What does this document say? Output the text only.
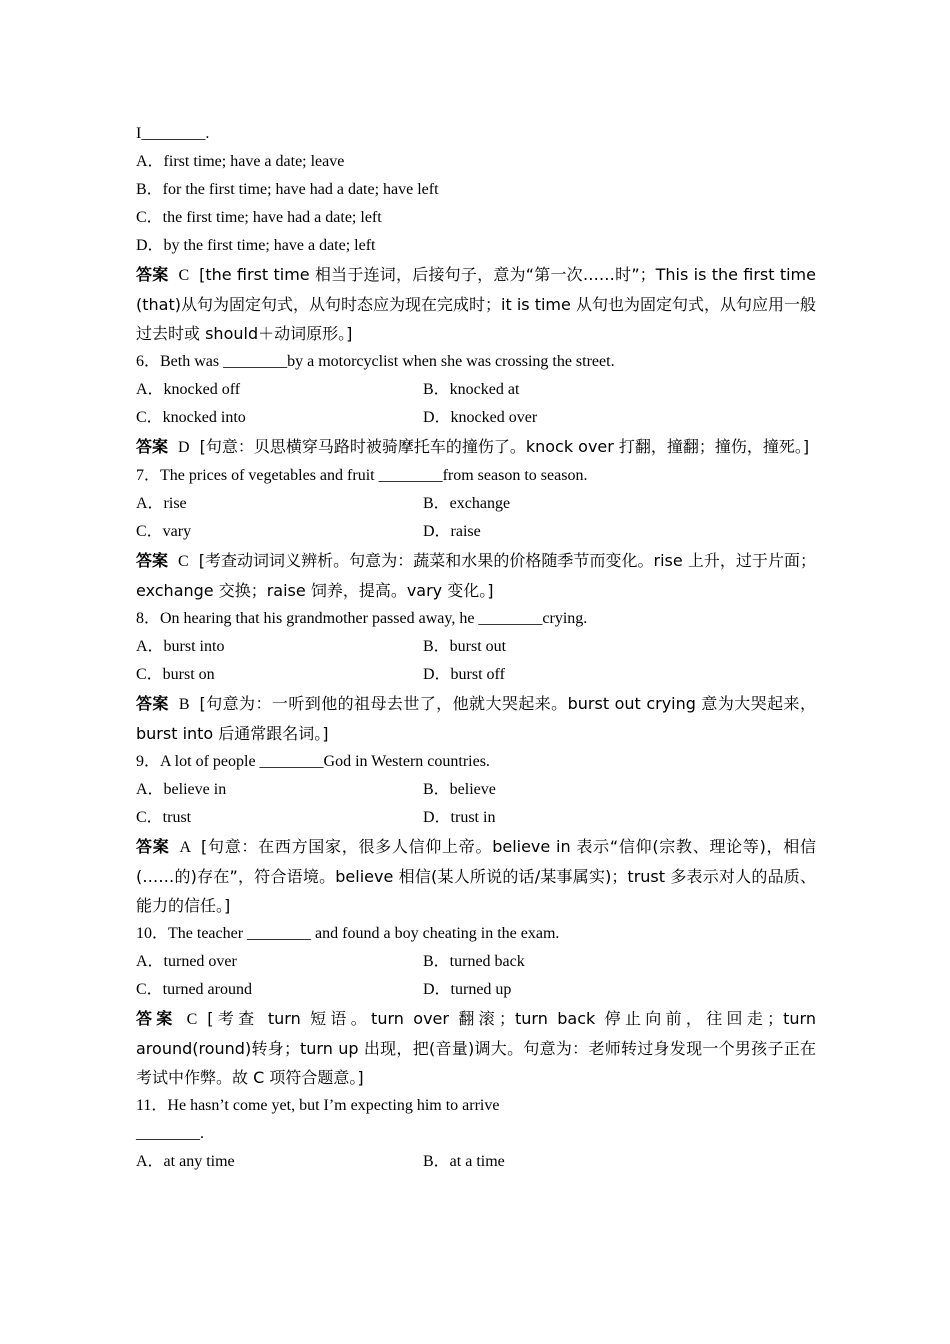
I________.
A．first time; have a date; leave
B．for the first time; have had a date; have left
C．the first time; have had a date; left
D．by the first time; have a date; left
答案 C [the first time 相当于连词，后接句子，意为“第一次……时”；This is the first time (that)从句为固定句式，从句时态应为现在完成时；it is time 从句也为固定句式，从句应用一般过去时或 should＋动词原形。]
6．Beth was ________by a motorcyclist when she was crossing the street.
A．knocked off	B．knocked at
C．knocked into	D．knocked over
答案 D [句意：贝思横穿马路时被骑摩托车的撞伤了。knock over 打翻，撞翻；撞伤，撞死。]
7．The prices of vegetables and fruit ________from season to season.
A．rise	B．exchange
C．vary	D．raise
答案 C [考查动词词义辨析。句意为：蔬菜和水果的价格随季节而变化。rise 上升，过于片面；exchange 交换；raise 饲养，提高。vary 变化。]
8．On hearing that his grandmother passed away, he ________crying.
A．burst into	B．burst out
C．burst on	D．burst off
答案 B [句意为：一听到他的祖母去世了，他就大哭起来。burst out crying 意为大哭起来，burst into 后通常跟名词。]
9．A lot of people ________God in Western countries.
A．believe in	B．believe
C．trust	D．trust in
答案 A [句意：在西方国家，很多人信仰上帝。believe in 表示“信仰(宗教、理论等)，相信(……的)存在”，符合语境。believe 相信(某人所说的话/某事属实)；trust 多表示对人的品质、能力的信任。]
10．The teacher ________ and found a boy cheating in the exam.
A．turned over	B．turned back
C．turned around	D．turned up
答案 C [考查 turn 短语。turn over 翻滚；turn back 停止向前，往回走；turn around(round)转身；turn up 出现，把(音量)调大。句意为：老师转过身发现一个男孩子正在考试中作弊。故 C 项符合题意。]
11．He hasn’t come yet, but I’m expecting him to arrive
________.
A．at any time	B．at a time
